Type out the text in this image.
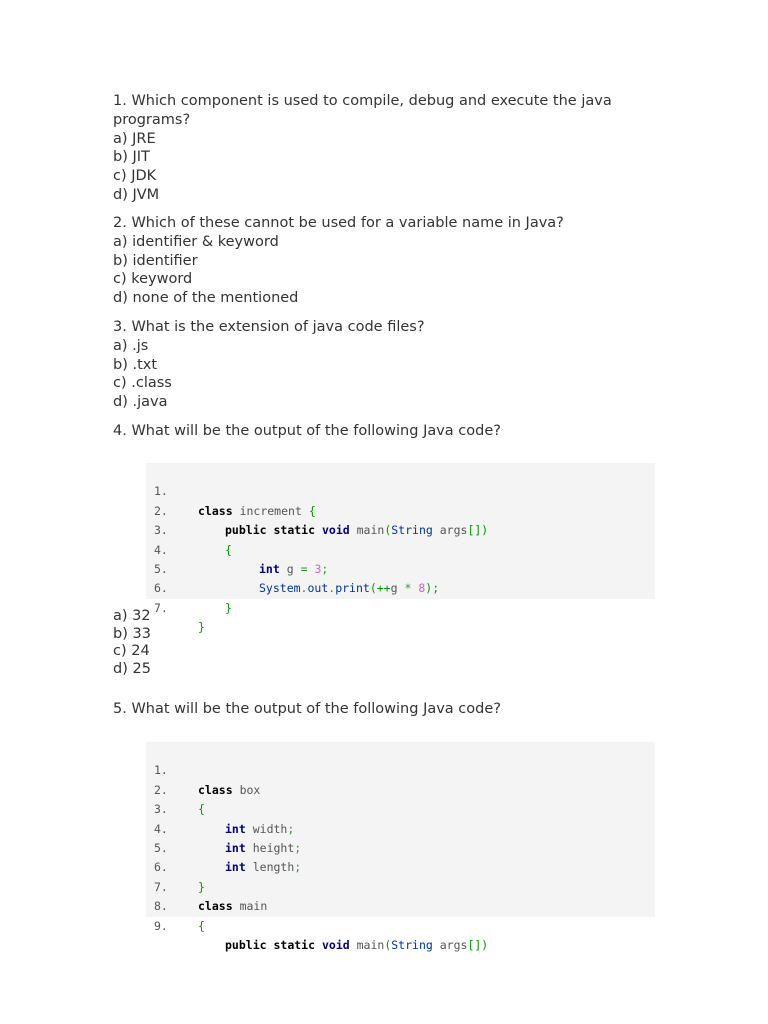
1. Which component is used to compile, debug and execute the java programs?
a) JRE
b) JIT
c) JDK
d) JVM
2. Which of these cannot be used for a variable name in Java?
a) identifier & keyword
b) identifier
c) keyword
d) none of the mentioned
3. What is the extension of java code files?
a) .js
b) .txt
c) .class
d) .java
4. What will be the output of the following Java code?

1.

class increment {

2.

public static void main(String args[])

3.

{

4.

int g = 3;

5.

System.out.print(++g * 8);

6.

}

7.

}

a) 32
b) 33
c) 24
d) 25
5. What will be the output of the following Java code?

1.

class box

2.

{

3.

int width;

4.

int height;

5.

int length;

6.

}

7.

class main

8.

{

9.

public static void main(String args[])
